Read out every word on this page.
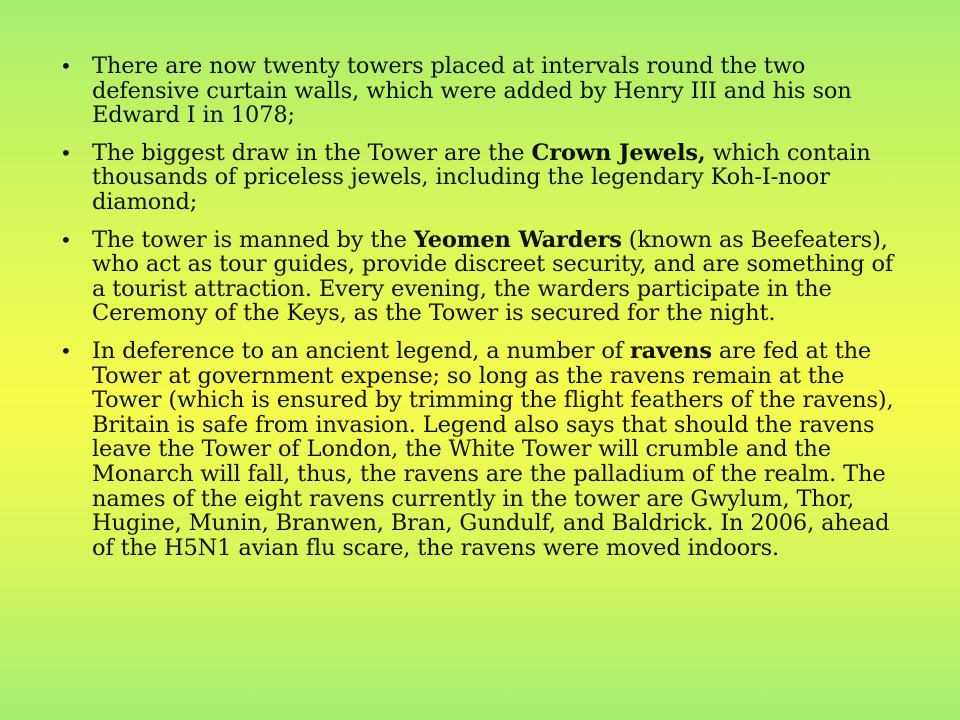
• There are now twenty towers placed at intervals round the two defensive curtain walls, which were added by Henry III and his son Edward I in 1078;
• The biggest draw in the Tower are the Crown Jewels, which contain thousands of priceless jewels, including the legendary Koh-I-noor diamond;
• The tower is manned by the Yeomen Warders (known as Beefeaters), who act as tour guides, provide discreet security, and are something of a tourist attraction. Every evening, the warders participate in the Ceremony of the Keys, as the Tower is secured for the night.
• In deference to an ancient legend, a number of ravens are fed at the Tower at government expense; so long as the ravens remain at the Tower (which is ensured by trimming the flight feathers of the ravens), Britain is safe from invasion. Legend also says that should the ravens leave the Tower of London, the White Tower will crumble and the Monarch will fall, thus, the ravens are the palladium of the realm. The names of the eight ravens currently in the tower are Gwylum, Thor, Hugine, Munin, Branwen, Bran, Gundulf, and Baldrick. In 2006, ahead of the H5N1 avian flu scare, the ravens were moved indoors.
